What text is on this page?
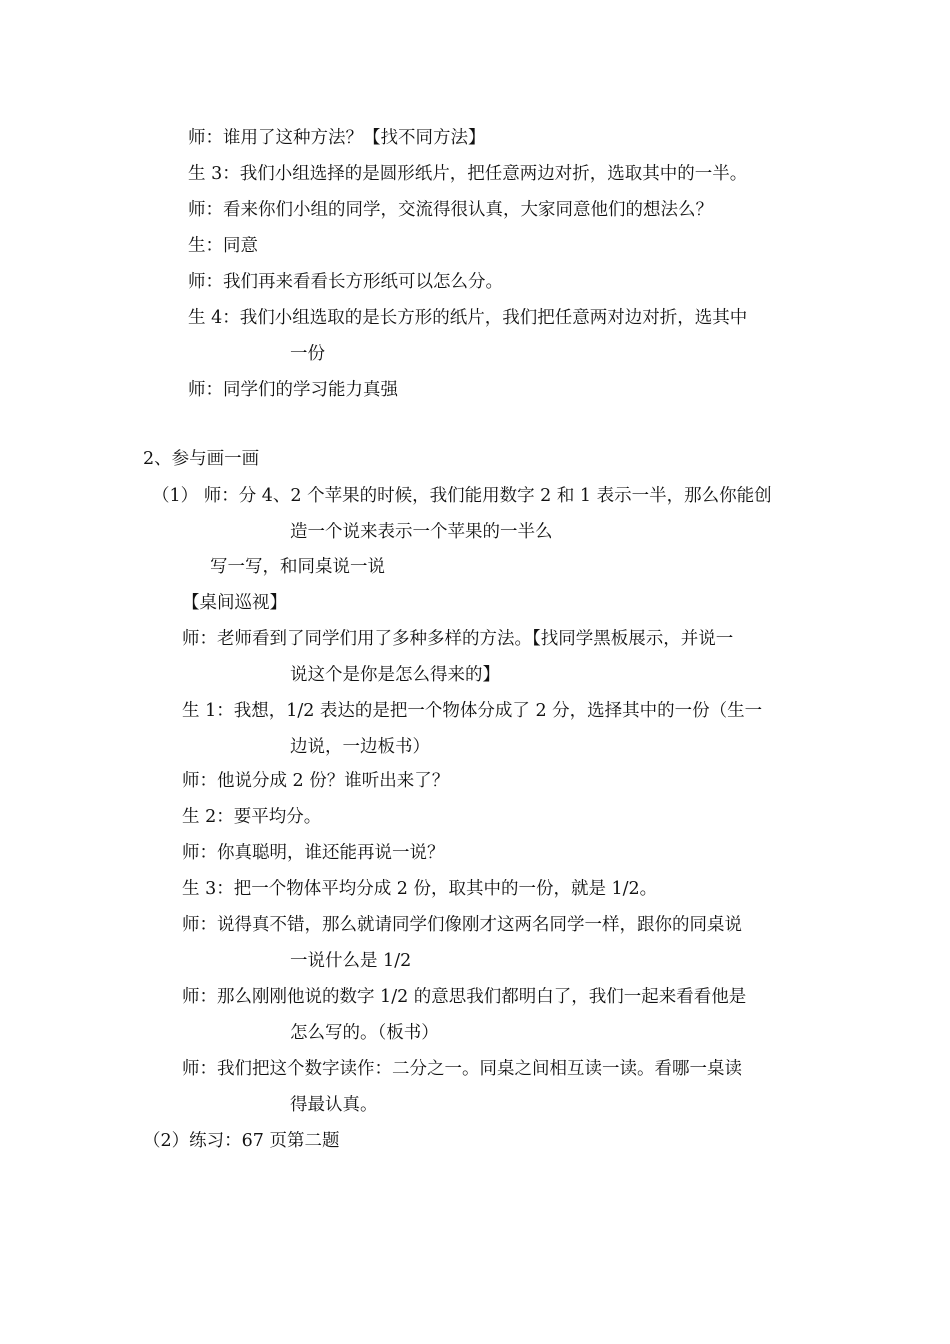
师：谁用了这种方法？【找不同方法】
生 3：我们小组选择的是圆形纸片，把任意两边对折，选取其中的一半。
师：看来你们小组的同学，交流得很认真，大家同意他们的想法么？
生：同意
师：我们再来看看长方形纸可以怎么分。
生 4：我们小组选取的是长方形的纸片，我们把任意两对边对折，选其中
一份
师：同学们的学习能力真强
2、参与画一画
（1） 师：分 4、2 个苹果的时候，我们能用数字 2 和 1 表示一半，那么你能创
造一个说来表示一个苹果的一半么
写一写，和同桌说一说
【桌间巡视】
师：老师看到了同学们用了多种多样的方法。【找同学黑板展示，并说一
说这个是你是怎么得来的】
生 1：我想，1/2 表达的是把一个物体分成了 2 分，选择其中的一份（生一
边说，一边板书）
师：他说分成 2 份？谁听出来了？
生 2：要平均分。
师：你真聪明，谁还能再说一说？
生 3：把一个物体平均分成 2 份，取其中的一份，就是 1/2。
师：说得真不错，那么就请同学们像刚才这两名同学一样，跟你的同桌说
一说什么是 1/2
师：那么刚刚他说的数字 1/2 的意思我们都明白了，我们一起来看看他是
怎么写的。（板书）
师：我们把这个数字读作：二分之一。同桌之间相互读一读。看哪一桌读
得最认真。
（2）练习：67 页第二题
